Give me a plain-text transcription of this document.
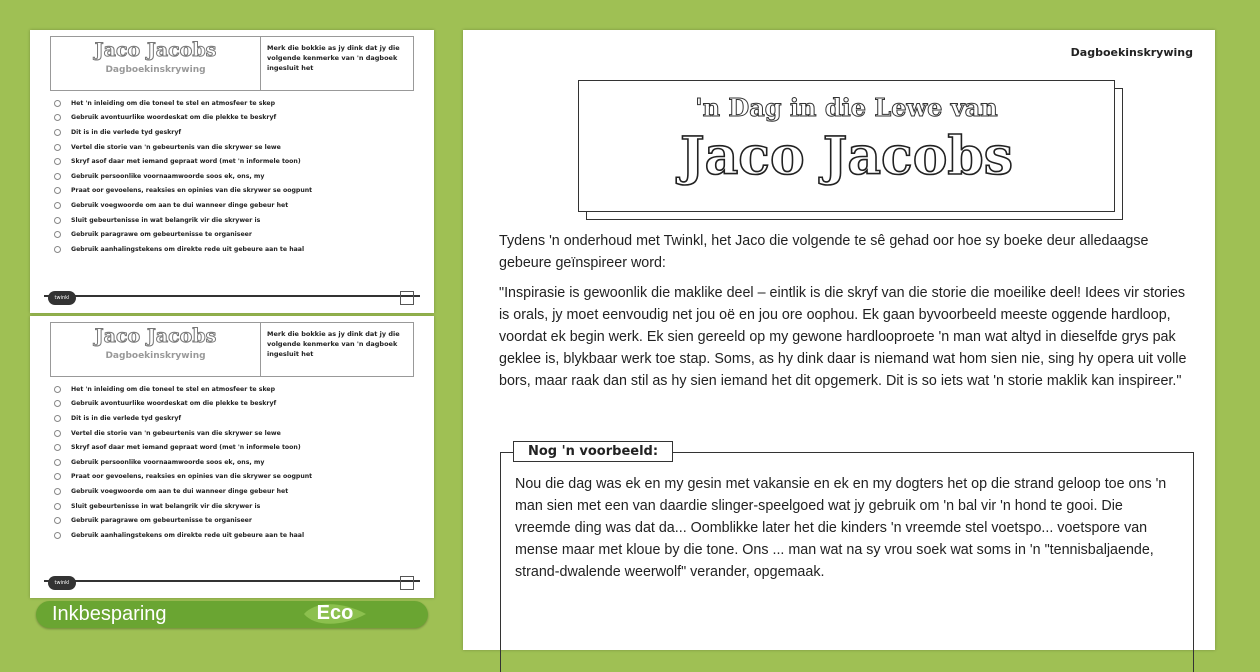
Jaco Jacobs
Dagboekinskrywing
Merk die bokkie as jy dink dat jy die volgende kenmerke van 'n dagboek ingesluit het
Het 'n inleiding om die toneel te stel en atmosfeer te skep
Gebruik avontuurlike woordeskat om die plekke te beskryf
Dit is in die verlede tyd geskryf
Vertel die storie van 'n gebeurtenis van die skrywer se lewe
Skryf asof daar met iemand gepraat word (met 'n informele toon)
Gebruik persoonlike voornaamwoorde soos ek, ons, my
Praat oor gevoelens, reaksies en opinies van die skrywer se oogpunt
Gebruik voegwoorde om aan te dui wanneer dinge gebeur het
Sluit gebeurtenisse in wat belangrik vir die skrywer is
Gebruik paragrawe om gebeurtenisse te organiseer
Gebruik aanhalingstekens om direkte rede uit gebeure aan te haal
twinkl
Jaco Jacobs
Dagboekinskrywing
Merk die bokkie as jy dink dat jy die volgende kenmerke van 'n dagboek ingesluit het
Het 'n inleiding om die toneel te stel en atmosfeer te skep
Gebruik avontuurlike woordeskat om die plekke te beskryf
Dit is in die verlede tyd geskryf
Vertel die storie van 'n gebeurtenis van die skrywer se lewe
Skryf asof daar met iemand gepraat word (met 'n informele toon)
Gebruik persoonlike voornaamwoorde soos ek, ons, my
Praat oor gevoelens, reaksies en opinies van die skrywer se oogpunt
Gebruik voegwoorde om aan te dui wanneer dinge gebeur het
Sluit gebeurtenisse in wat belangrik vir die skrywer is
Gebruik paragrawe om gebeurtenisse te organiseer
Gebruik aanhalingstekens om direkte rede uit gebeure aan te haal
twinkl
Dagboekinskrywing
'n Dag in die Lewe van
Jaco Jacobs

Tydens 'n onderhoud met Twinkl, het Jaco die volgende te sê gehad oor hoe sy boeke deur alledaagse gebeure geïnspireer word:

"Inspirasie is gewoonlik die maklike deel – eintlik is die skryf van die storie die moeilike deel! Idees vir stories is orals, jy moet eenvoudig net jou oë en jou ore oophou. Ek gaan byvoorbeeld meeste oggende hardloop, voordat ek begin werk. Ek sien gereeld op my gewone hardlooproete 'n man wat altyd in dieselfde grys pak geklee is, blykbaar werk toe stap. Soms, as hy dink daar is niemand wat hom sien nie, sing hy opera uit volle bors, maar raak dan stil as hy sien iemand het dit opgemerk. Dit is so iets wat 'n storie maklik kan inspireer."

Nog 'n voorbeeld:

Nou die dag was ek en my gesin met vakansie en ek en my dogters het op die strand geloop toe ons 'n man sien met een van daardie slinger-speelgoed wat jy gebruik om 'n bal vir 'n hond te gooi. Die vreemde ding was dat da... Oomblikke later het die kinders 'n vreemde stel voetspo... voetspore van mense maar met kloue by die tone. Ons ... man wat na sy vrou soek wat soms in 'n "tennisbaljaende, strand-dwalende weerwolf" verander, opgemaak.

Inkbesparing	Eco
